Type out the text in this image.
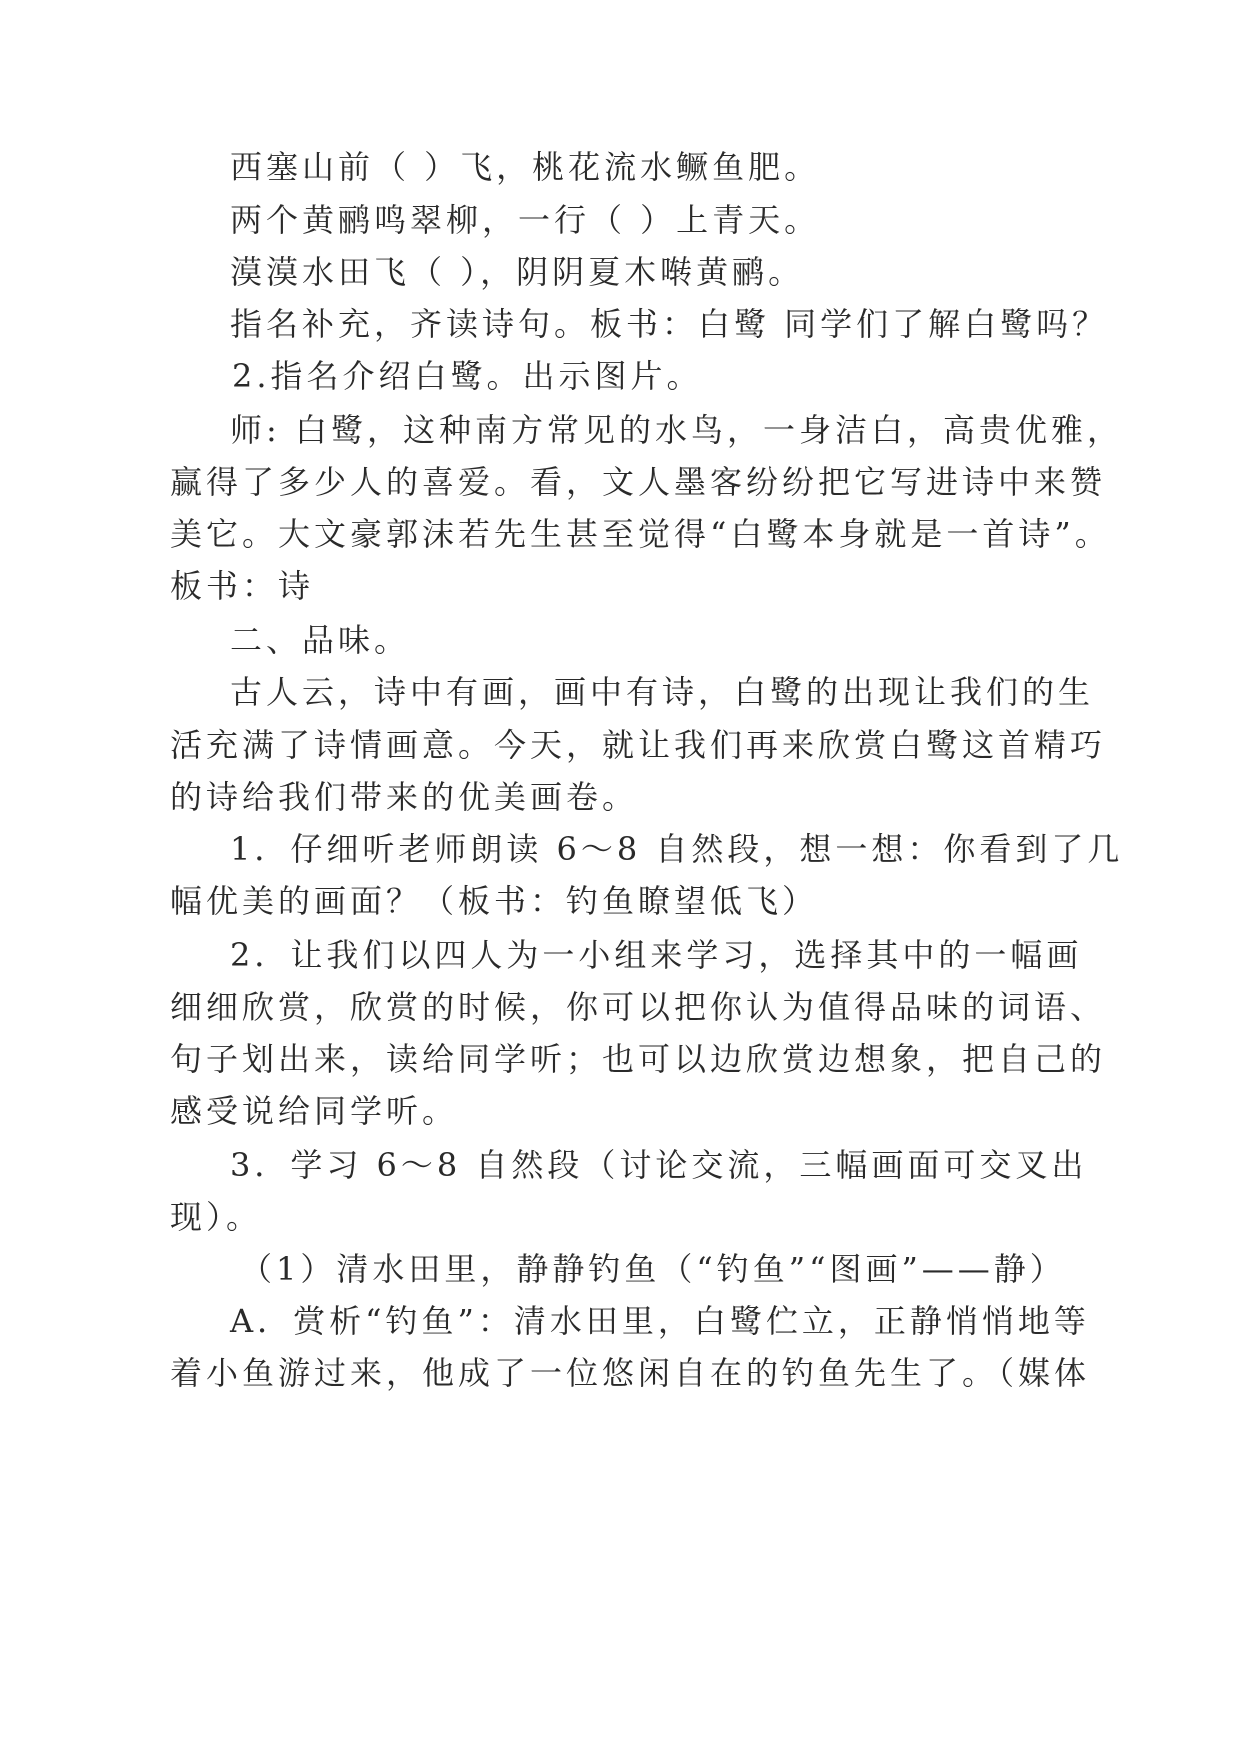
西塞山前（ ）飞，桃花流水鳜鱼肥。
两个黄鹂鸣翠柳，一行（ ）上青天。
漠漠水田飞（ ），阴阴夏木啭黄鹂。
指名补充，齐读诗句。板书：白鹭 同学们了解白鹭吗？
2.指名介绍白鹭。出示图片。
师: 白鹭，这种南方常见的水鸟，一身洁白，高贵优雅，
赢得了多少人的喜爱。看，文人墨客纷纷把它写进诗中来赞
美它。大文豪郭沫若先生甚至觉得“白鹭本身就是一首诗”。
板书：诗
二、品味。
古人云，诗中有画，画中有诗，白鹭的出现让我们的生
活充满了诗情画意。今天，就让我们再来欣赏白鹭这首精巧
的诗给我们带来的优美画卷。
1．仔细听老师朗读 6～8 自然段，想一想：你看到了几
幅优美的画面？（板书：钓鱼瞭望低飞）
2．让我们以四人为一小组来学习，选择其中的一幅画
细细欣赏，欣赏的时候，你可以把你认为值得品味的词语、
句子划出来，读给同学听；也可以边欣赏边想象，把自己的
感受说给同学听。
3．学习 6～8 自然段（讨论交流，三幅画面可交叉出
现）。
（1）清水田里，静静钓鱼（“钓鱼”“图画”——静）
A．赏析“钓鱼”：清水田里，白鹭伫立，正静悄悄地等
着小鱼游过来，他成了一位悠闲自在的钓鱼先生了。（媒体
